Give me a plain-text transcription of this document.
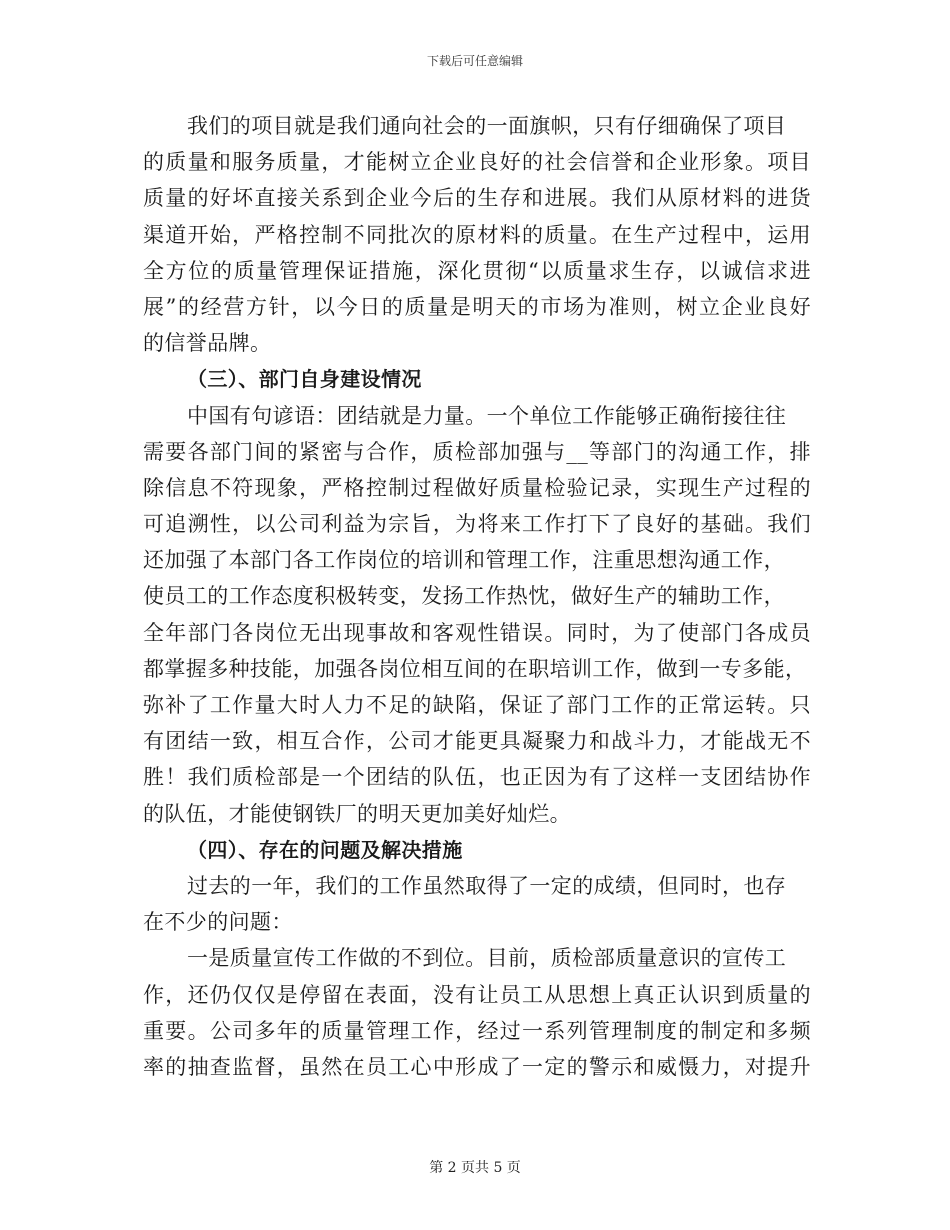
下载后可任意编辑
我们的项目就是我们通向社会的一面旗帜，只有仔细确保了项目
的质量和服务质量，才能树立企业良好的社会信誉和企业形象。项目
质量的好坏直接关系到企业今后的生存和进展。我们从原材料的进货
渠道开始，严格控制不同批次的原材料的质量。在生产过程中，运用
全方位的质量管理保证措施，深化贯彻“以质量求生存，以诚信求进
展”的经营方针，以今日的质量是明天的市场为准则，树立企业良好
的信誉品牌。
（三）、部门自身建设情况
中国有句谚语：团结就是力量。一个单位工作能够正确衔接往往
需要各部门间的紧密与合作，质检部加强与__等部门的沟通工作，排
除信息不符现象，严格控制过程做好质量检验记录，实现生产过程的
可追溯性，以公司利益为宗旨，为将来工作打下了良好的基础。我们
还加强了本部门各工作岗位的培训和管理工作，注重思想沟通工作，
使员工的工作态度积极转变，发扬工作热忱，做好生产的辅助工作，
全年部门各岗位无出现事故和客观性错误。同时，为了使部门各成员
都掌握多种技能，加强各岗位相互间的在职培训工作，做到一专多能，
弥补了工作量大时人力不足的缺陷，保证了部门工作的正常运转。只
有团结一致，相互合作，公司才能更具凝聚力和战斗力，才能战无不
胜！我们质检部是一个团结的队伍，也正因为有了这样一支团结协作
的队伍，才能使钢铁厂的明天更加美好灿烂。
（四）、存在的问题及解决措施
过去的一年，我们的工作虽然取得了一定的成绩，但同时，也存
在不少的问题：
一是质量宣传工作做的不到位。目前，质检部质量意识的宣传工
作，还仍仅仅是停留在表面，没有让员工从思想上真正认识到质量的
重要。公司多年的质量管理工作，经过一系列管理制度的制定和多频
率的抽查监督，虽然在员工心中形成了一定的警示和威慑力，对提升
第 2 页共 5 页
